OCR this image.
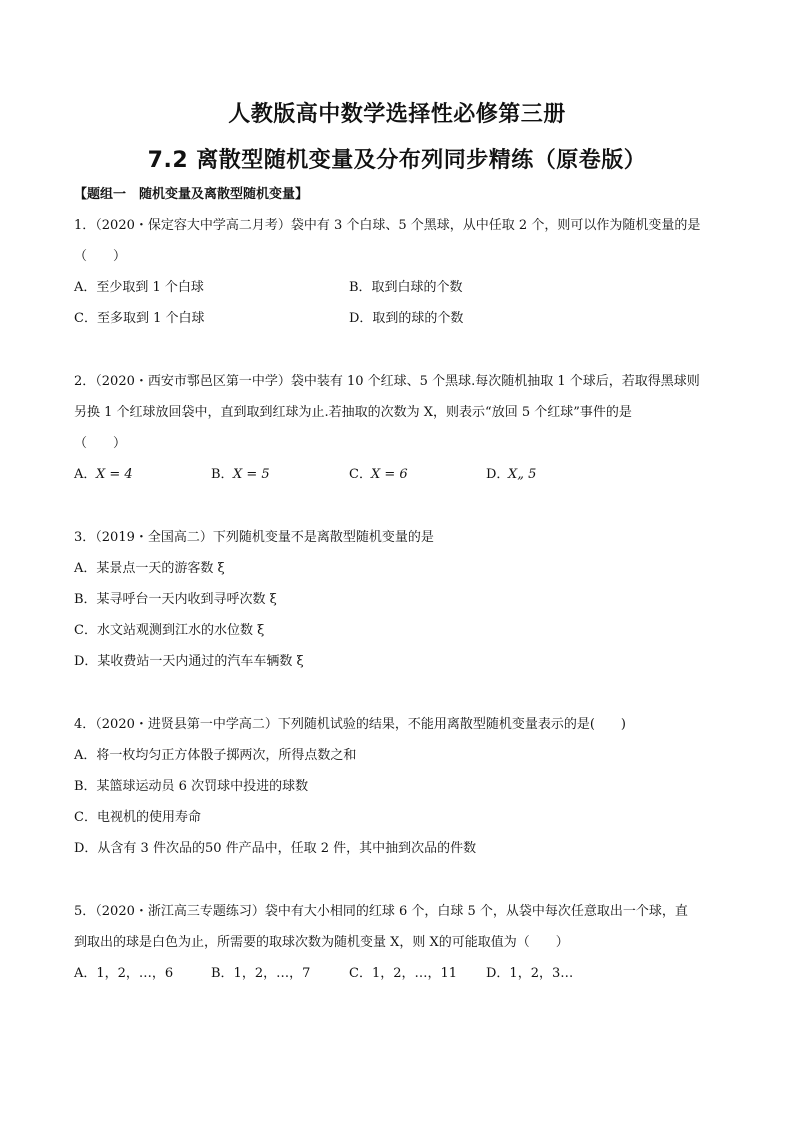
人教版高中数学选择性必修第三册
7.2 离散型随机变量及分布列同步精练（原卷版）
【题组一　随机变量及离散型随机变量】
1．（2020・保定容大中学高二月考）袋中有 3 个白球、5 个黑球，从中任取 2 个，则可以作为随机变量的是
（　　）
A．至少取到 1 个白球	B．取到白球的个数
C．至多取到 1 个白球	D．取到的球的个数
2．（2020・西安市鄠邑区第一中学）袋中装有 10 个红球、5 个黑球.每次随机抽取 1 个球后，若取得黑球则
另换 1 个红球放回袋中，直到取到红球为止.若抽取的次数为 X，则表示“放回 5 个红球”事件的是
（　　）
A． X = 4	B． X = 5	C． X = 6	D．
X„ 5
3．（2019・全国高二）下列随机变量不是离散型随机变量的是
A．某景点一天的游客数 ξ
B．某寻呼台一天内收到寻呼次数 ξ
C．水文站观测到江水的水位数 ξ
D．某收费站一天内通过的汽车车辆数 ξ
4．（2020・进贤县第一中学高二）下列随机试验的结果，不能用离散型随机变量表示的是(　　)
A．将一枚均匀正方体骰子掷两次，所得点数之和
B．某篮球运动员 6 次罚球中投进的球数
C．电视机的使用寿命
D．从含有 3 件次品的50 件产品中，任取 2 件，其中抽到次品的件数
5．（2020・浙江高三专题练习）袋中有大小相同的红球 6 个，白球 5 个，从袋中每次任意取出一个球，直
到取出的球是白色为止，所需要的取球次数为随机变量 X，则 X的可能取值为（　　）
A．1，2，…，6	B．1，2，…，7	C．1，2，…，11 D．1，2，3…
